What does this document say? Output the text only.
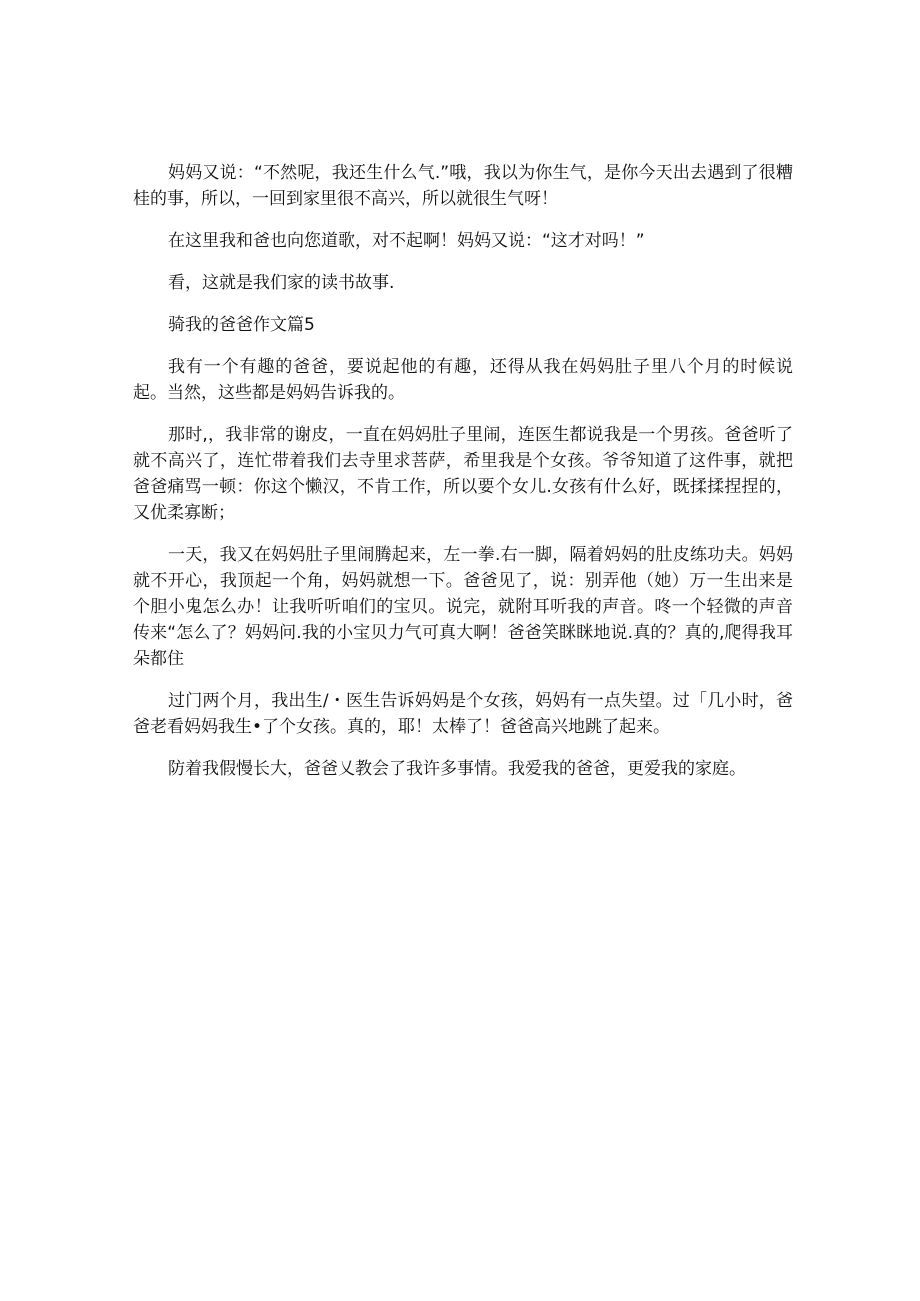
妈妈又说：“不然呢，我还生什么气.”哦，我以为你生气，是你今天出去遇到了很糟桂的事，所以，一回到家里很不高兴，所以就很生气呀！

在这里我和爸也向您道歌，对不起啊！妈妈又说：“这才对吗！”

看，这就是我们家的读书故事.

骑我的爸爸作文篇5

我有一个有趣的爸爸，要说起他的有趣，还得从我在妈妈肚子里八个月的时候说起。当然，这些都是妈妈告诉我的。

那时,，我非常的谢皮，一直在妈妈肚子里闹，连医生都说我是一个男孩。爸爸听了就不高兴了，连忙带着我们去寺里求菩萨，希里我是个女孩。爷爷知道了这件事，就把爸爸痛骂一顿：你这个懒汉，不肯工作，所以要个女儿.女孩有什么好，既揉揉捏捏的，又优柔寡断；

一天，我又在妈妈肚子里闹腾起来，左一拳.右一脚，隔着妈妈的肚皮练功夫。妈妈就不开心，我顶起一个角，妈妈就想一下。爸爸见了，说：别弄他（她）万一生出来是个胆小鬼怎么办！让我听听咱们的宝贝。说完，就附耳听我的声音。咚一个轻微的声音传来“怎么了？妈妈问.我的小宝贝力气可真大啊！爸爸笑眯眯地说.真的？真的,爬得我耳朵都住

过门两个月，我出生/・医生告诉妈妈是个女孩，妈妈有一点失望。过「几小时，爸爸老看妈妈我生•了个女孩。真的，耶！太棒了！爸爸高兴地跳了起来。

防着我假慢长大，爸爸乂教会了我许多事情。我爱我的爸爸，更爱我的家庭。
